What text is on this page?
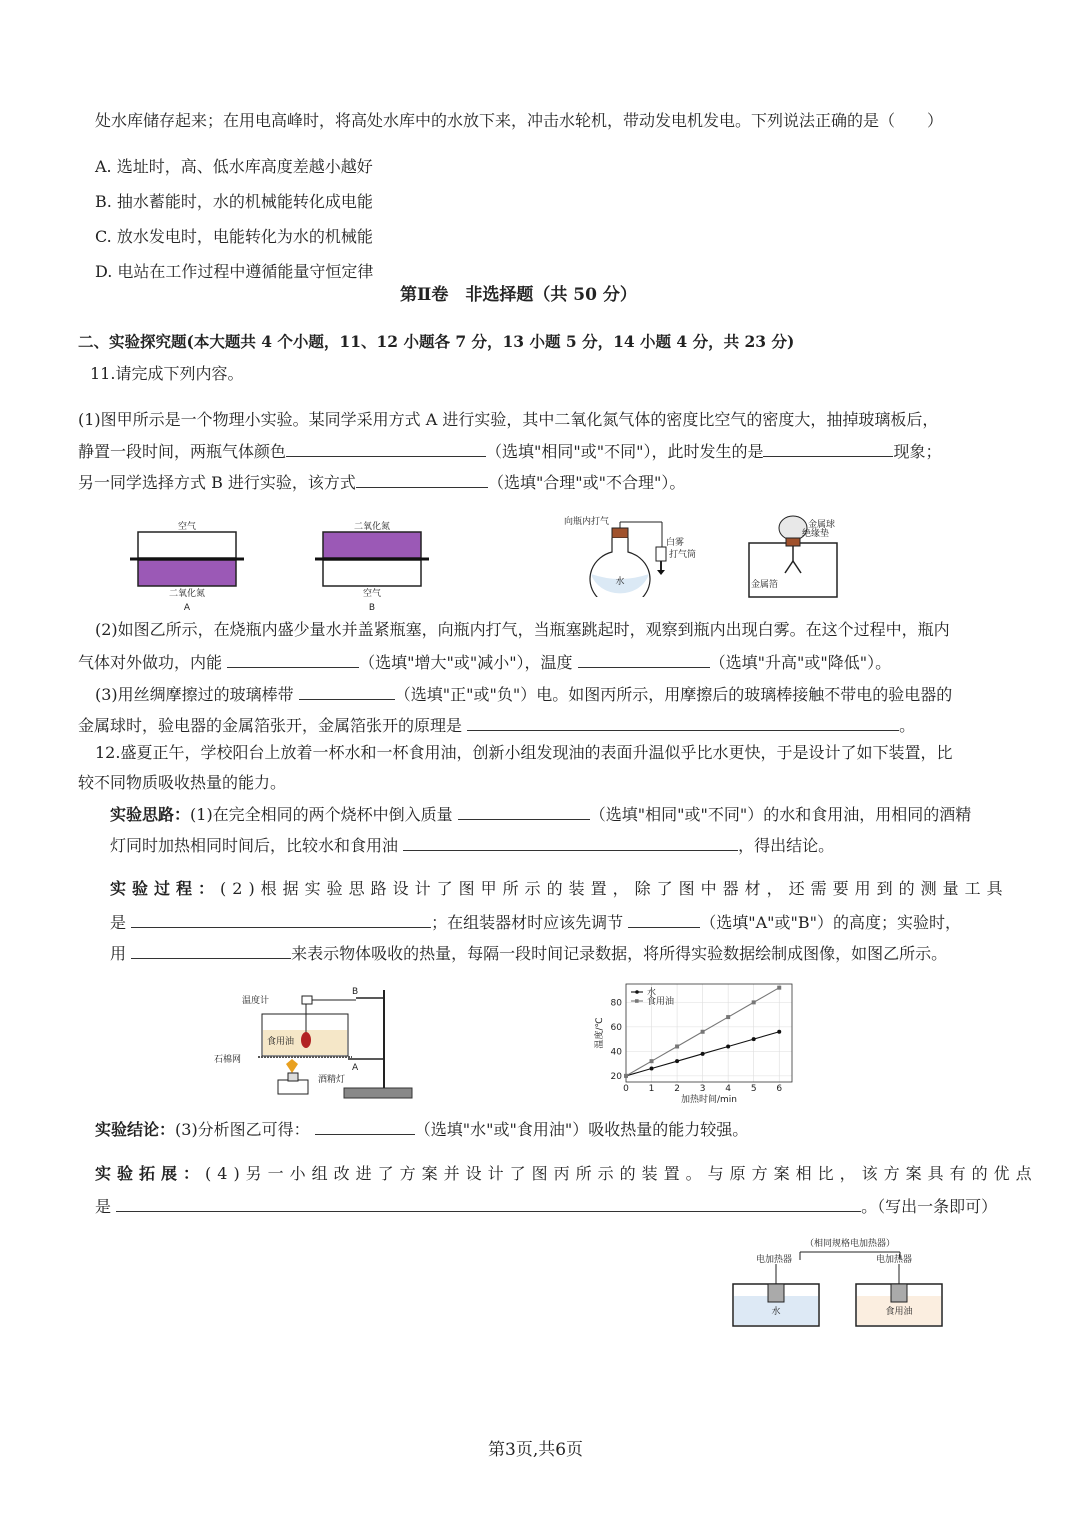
处水库储存起来；在用电高峰时，将高处水库中的水放下来，冲击水轮机，带动发电机发电。下列说法正确的是（　　）
A. 选址时，高、低水库高度差越小越好
B. 抽水蓄能时，水的机械能转化成电能
C. 放水发电时，电能转化为水的机械能
D. 电站在工作过程中遵循能量守恒定律
第Ⅱ卷　非选择题（共 50 分）
二、实验探究题(本大题共 4 个小题，11、12 小题各 7 分，13 小题 5 分，14 小题 4 分，共 23 分)
11.请完成下列内容。
(1)图甲所示是一个物理小实验。某同学采用方式 A 进行实验，其中二氧化氮气体的密度比空气的密度大，抽掉玻璃板后，
静置一段时间，两瓶气体颜色	（选填"相同"或"不同"），此时发生的是	现象；
另一同学选择方式 B 进行实验，该方式	（选填"合理"或"不合理"）。
空气
二氧化氮
A
二氧化氮
空气
B
向瓶内打气
水
白雾
打气筒
金属球
绝缘垫
金属箔
(2)如图乙所示，在烧瓶内盛少量水并盖紧瓶塞，向瓶内打气，当瓶塞跳起时，观察到瓶内出现白雾。在这个过程中，瓶内
气体对外做功，内能	（选填"增大"或"减小"），温度	（选填"升高"或"降低"）。
(3)用丝绸摩擦过的玻璃棒带	（选填"正"或"负"）电。如图丙所示，用摩擦后的玻璃棒接触不带电的验电器的
金属球时，验电器的金属箔张开，金属箔张开的原理是	。
12.盛夏正午，学校阳台上放着一杯水和一杯食用油，创新小组发现油的表面升温似乎比水更快，于是设计了如下装置，比
较不同物质吸收热量的能力。
实验思路：(1)在完全相同的两个烧杯中倒入质量	（选填"相同"或"不同"）的水和食用油，用相同的酒精
灯同时加热相同时间后，比较水和食用油	，得出结论。
实验过程：(2)根据实验思路设计了图甲所示的装置，除了图中器材，还需要用到的测量工具
是	；在组装器材时应该先调节	（选填"A"或"B"）的高度；实验时，
用	来表示物体吸收的热量，每隔一段时间记录数据，将所得实验数据绘制成图像，如图乙所示。
B
A
温度计
食用油
石棉网
酒精灯	20
40
60
80
0 1 2 3 4 5 6
水
食用油
加热时间/min
温度/℃
实验结论：(3)分析图乙可得：	（选填"水"或"食用油"）吸收热量的能力较强。
实验拓展：(4)另一小组改进了方案并设计了图丙所示的装置。与原方案相比，该方案具有的优点
是	。（写出一条即可）
（相同规格电加热器）
电加热器	电加热器
水	食用油
第3页,共6页
